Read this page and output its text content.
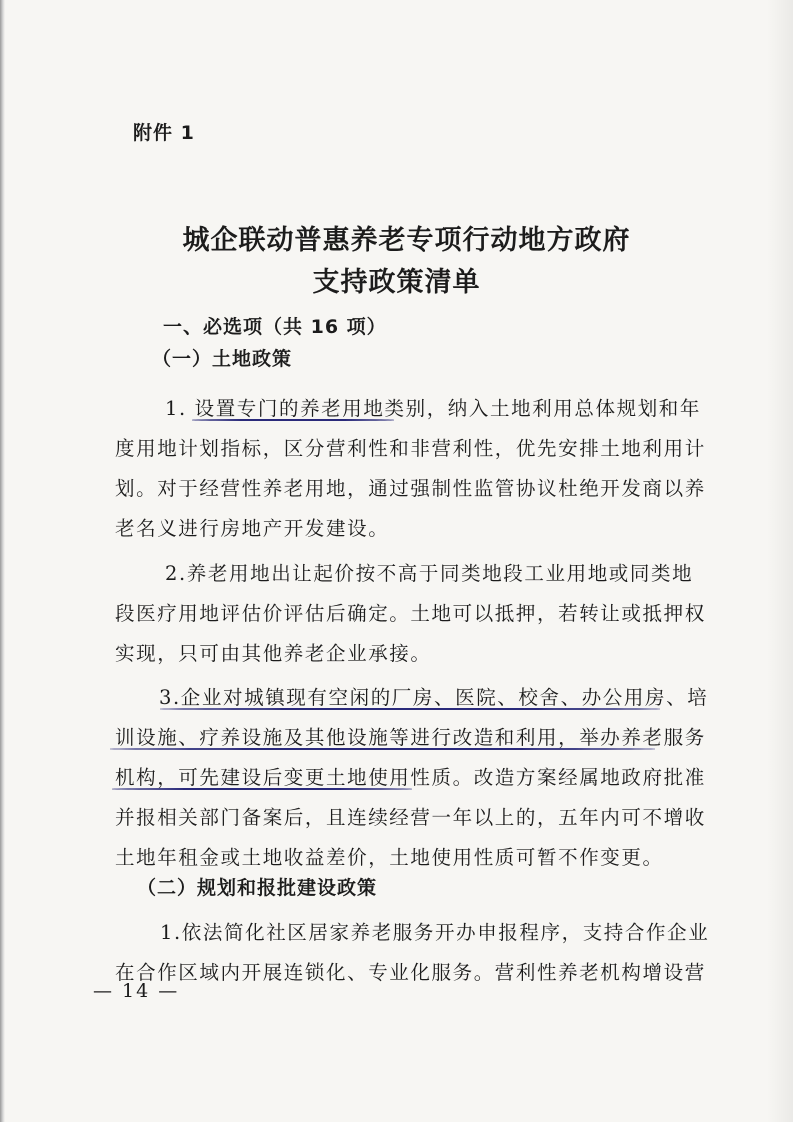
附件 1
城企联动普惠养老专项行动地方政府
支持政策清单
一、必选项（共 16 项）
（一）土地政策
1. 设置专门的养老用地类别，纳入土地利用总体规划和年
度用地计划指标，区分营利性和非营利性，优先安排土地利用计
划。对于经营性养老用地，通过强制性监管协议杜绝开发商以养
老名义进行房地产开发建设。
2.养老用地出让起价按不高于同类地段工业用地或同类地
段医疗用地评估价评估后确定。土地可以抵押，若转让或抵押权
实现，只可由其他养老企业承接。
3.企业对城镇现有空闲的厂房、医院、校舍、办公用房、培
训设施、疗养设施及其他设施等进行改造和利用，举办养老服务
机构，可先建设后变更土地使用性质。改造方案经属地政府批准
并报相关部门备案后，且连续经营一年以上的，五年内可不增收
土地年租金或土地收益差价，土地使用性质可暂不作变更。
（二）规划和报批建设政策
1.依法简化社区居家养老服务开办申报程序，支持合作企业
在合作区域内开展连锁化、专业化服务。营利性养老机构增设营
— 14 —
